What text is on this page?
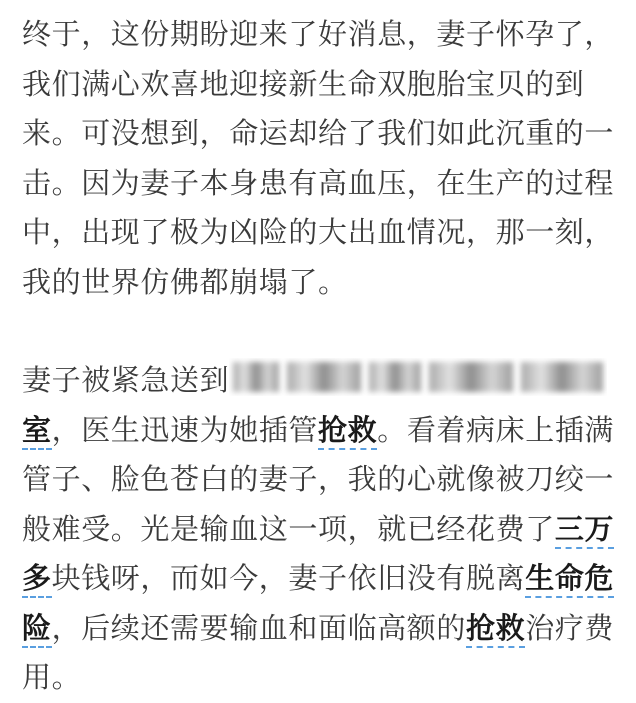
终于，这份期盼迎来了好消息，妻子怀孕了，我们满心欢喜地迎接新生命双胞胎宝贝的到来。可没想到，命运却给了我们如此沉重的一击。因为妻子本身患有高血压，在生产的过程中，出现了极为凶险的大出血情况，那一刻，我的世界仿佛都崩塌了。

妻子被紧急送到
室，医生迅速为她插管抢救。看着病床上插满管子、脸色苍白的妻子，我的心就像被刀绞一般难受。光是输血这一项，就已经花费了三万多块钱呀，而如今，妻子依旧没有脱离生命危险，后续还需要输血和面临高额的抢救治疗费用。
